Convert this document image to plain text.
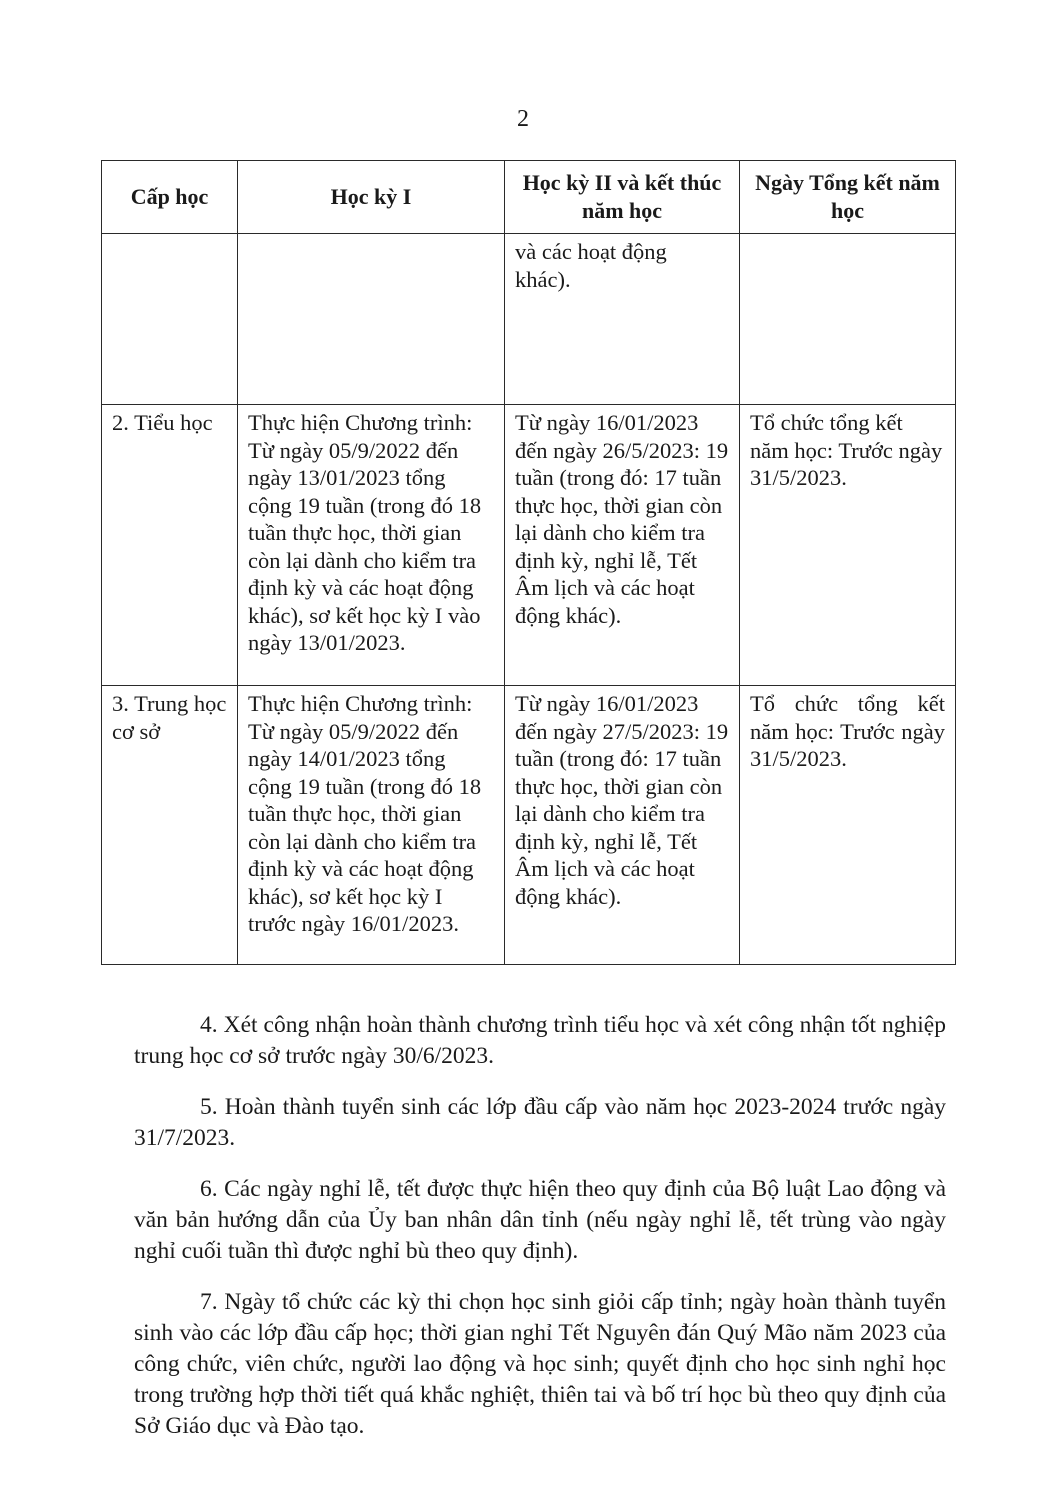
2
Cấp học	Học kỳ I	Học kỳ II và kết thúc năm học	Ngày Tổng kết năm học
		và các hoạt động khác).	
2. Tiểu học	Thực hiện Chương trình: Từ ngày 05/9/2022 đến ngày 13/01/2023 tổng cộng 19 tuần (trong đó 18 tuần thực học, thời gian còn lại dành cho kiểm tra định kỳ và các hoạt động khác), sơ kết học kỳ I vào ngày 13/01/2023.	Từ ngày 16/01/2023 đến ngày 26/5/2023: 19 tuần (trong đó: 17 tuần thực học, thời gian còn lại dành cho kiểm tra định kỳ, nghỉ lễ, Tết Âm lịch và các hoạt động khác).	Tổ chức tổng kết năm học: Trước ngày 31/5/2023.
3. Trung học cơ sở	Thực hiện Chương trình: Từ ngày 05/9/2022 đến ngày 14/01/2023 tổng cộng 19 tuần (trong đó 18 tuần thực học, thời gian còn lại dành cho kiểm tra định kỳ và các hoạt động khác), sơ kết học kỳ I trước ngày 16/01/2023.	Từ ngày 16/01/2023 đến ngày 27/5/2023: 19 tuần (trong đó: 17 tuần thực học, thời gian còn lại dành cho kiểm tra định kỳ, nghỉ lễ, Tết Âm lịch và các hoạt động khác).	Tổ chức tổng kết năm học: Trước ngày 31/5/2023.

4. Xét công nhận hoàn thành chương trình tiểu học và xét công nhận tốt nghiệp trung học cơ sở trước ngày 30/6/2023.

5. Hoàn thành tuyển sinh các lớp đầu cấp vào năm học 2023-2024 trước ngày 31/7/2023.

6. Các ngày nghỉ lễ, tết được thực hiện theo quy định của Bộ luật Lao động và văn bản hướng dẫn của Ủy ban nhân dân tỉnh (nếu ngày nghỉ lễ, tết trùng vào ngày nghỉ cuối tuần thì được nghỉ bù theo quy định).

7. Ngày tổ chức các kỳ thi chọn học sinh giỏi cấp tỉnh; ngày hoàn thành tuyển sinh vào các lớp đầu cấp học; thời gian nghỉ Tết Nguyên đán Quý Mão năm 2023 của công chức, viên chức, người lao động và học sinh; quyết định cho học sinh nghỉ học trong trường hợp thời tiết quá khắc nghiệt, thiên tai và bố trí học bù theo quy định của Sở Giáo dục và Đào tạo.
